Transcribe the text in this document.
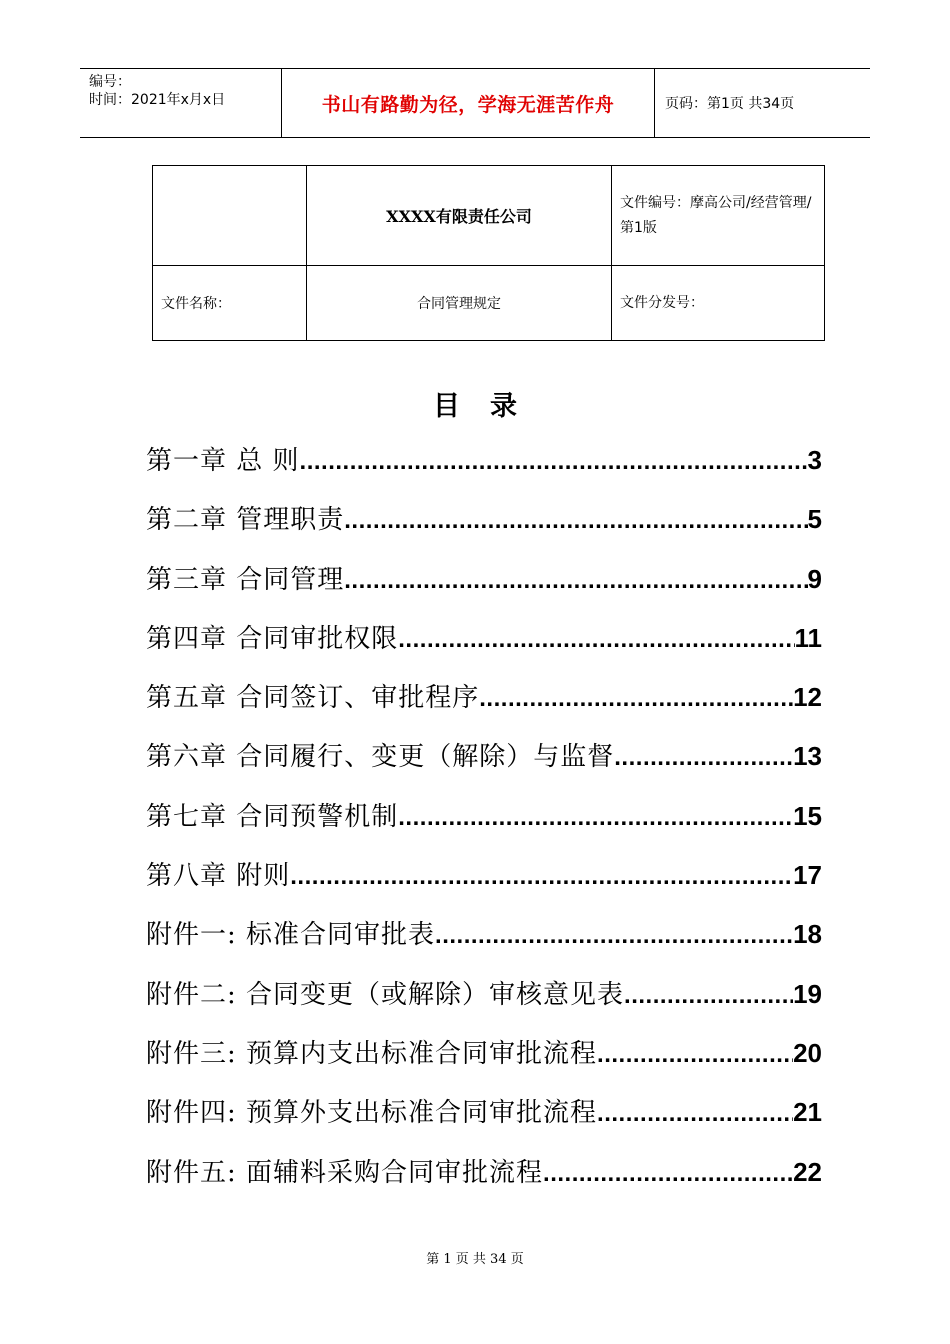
编号：
时间：2021年x月x日	书山有路勤为径，学海无涯苦作舟	页码：第1页 共34页
	XXXX有限责任公司	文件编号：摩高公司/经营管理/第1版
文件名称：	合同管理规定	文件分发号：
目录
第一章 总 则 .....	3
第二章 管理职责 .....	5
第三章 合同管理 .....	9
第四章 合同审批权限 .....	11
第五章 合同签订、审批程序 .....	12
第六章 合同履行、变更（解除）与监督 .....	13
第七章 合同预警机制 .....	15
第八章 附则 .....	17
附件一: 标准合同审批表 .....	18
附件二: 合同变更（或解除）审核意见表 .....	19
附件三: 预算内支出标准合同审批流程 .....	20
附件四: 预算外支出标准合同审批流程 .....	21
附件五: 面辅料采购合同审批流程 .....	22
第 1 页 共 34 页
